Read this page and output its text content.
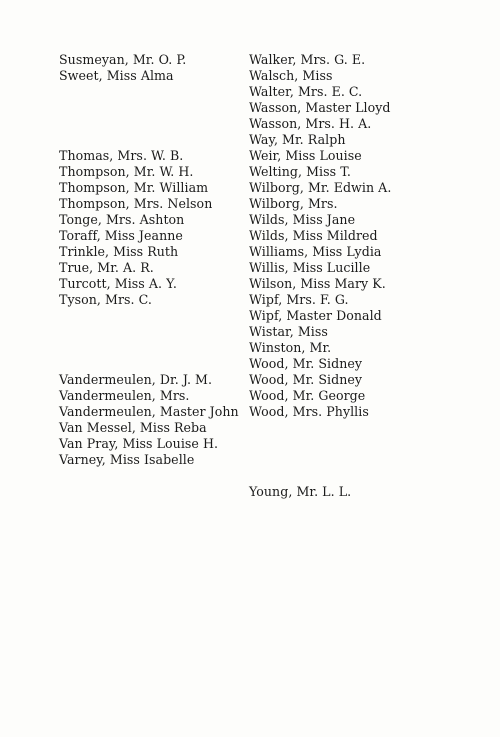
Susmeyan, Mr. O. P.
Sweet, Miss Alma
Thomas, Mrs. W. B.
Thompson, Mr. W. H.
Thompson, Mr. William
Thompson, Mrs. Nelson
Tonge, Mrs. Ashton
Toraff, Miss Jeanne
Trinkle, Miss Ruth
True, Mr. A. R.
Turcott, Miss A. Y.
Tyson, Mrs. C.
Vandermeulen, Dr. J. M.
Vandermeulen, Mrs.
Vandermeulen, Master John
Van Messel, Miss Reba
Van Pray, Miss Louise H.
Varney, Miss Isabelle
Walker, Mrs. G. E.
Walsch, Miss
Walter, Mrs. E. C.
Wasson, Master Lloyd
Wasson, Mrs. H. A.
Way, Mr. Ralph
Weir, Miss Louise
Welting, Miss T.
Wilborg, Mr. Edwin A.
Wilborg, Mrs.
Wilds, Miss Jane
Wilds, Miss Mildred
Williams, Miss Lydia
Willis, Miss Lucille
Wilson, Miss Mary K.
Wipf, Mrs. F. G.
Wipf, Master Donald
Wistar, Miss
Winston, Mr.
Wood, Mr. Sidney
Wood, Mr. Sidney
Wood, Mr. George
Wood, Mrs. Phyllis
Young, Mr. L. L.
